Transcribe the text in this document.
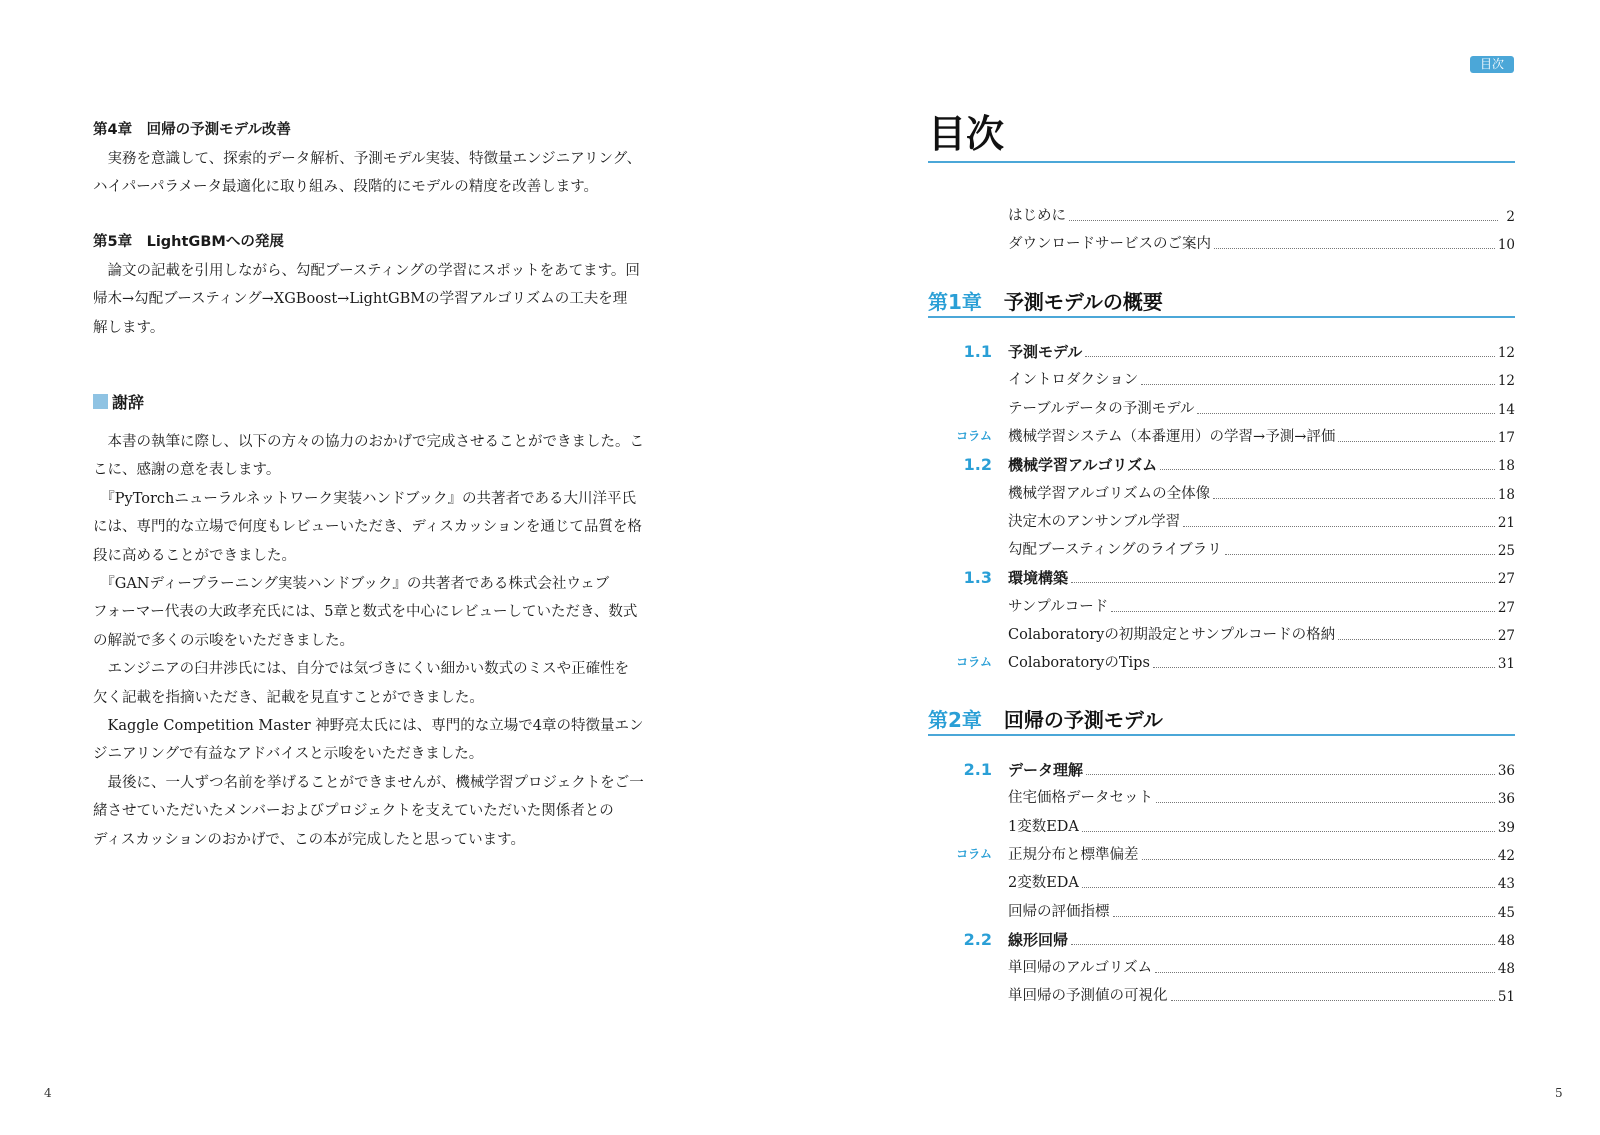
第4章　回帰の予測モデル改善

実務を意識して、探索的データ解析、予測モデル実装、特徴量エンジニアリング、

ハイパーパラメータ最適化に取り組み、段階的にモデルの精度を改善します。

第5章　LightGBMへの発展

論文の記載を引用しながら、勾配ブースティングの学習にスポットをあてます。回

帰木→勾配ブースティング→XGBoost→LightGBMの学習アルゴリズムの工夫を理

解します。

謝辞

本書の執筆に際し、以下の方々の協力のおかげで完成させることができました。こ

こに、感謝の意を表します。

『PyTorchニューラルネットワーク実装ハンドブック』の共著者である大川洋平氏

には、専門的な立場で何度もレビューいただき、ディスカッションを通じて品質を格

段に高めることができました。

『GANディープラーニング実装ハンドブック』の共著者である株式会社ウェブ

フォーマー代表の大政孝充氏には、5章と数式を中心にレビューしていただき、数式

の解説で多くの示唆をいただきました。

エンジニアの臼井渉氏には、自分では気づきにくい細かい数式のミスや正確性を

欠く記載を指摘いただき、記載を見直すことができました。

Kaggle Competition Master 神野亮太氏には、専門的な立場で4章の特徴量エン

ジニアリングで有益なアドバイスと示唆をいただきました。

最後に、一人ずつ名前を挙げることができませんが、機械学習プロジェクトをご一

緒させていただいたメンバーおよびプロジェクトを支えていただいた関係者との

ディスカッションのおかげで、この本が完成したと思っています。

4
目次
目次
はじめに	2
ダウンロードサービスのご案内	10
第1章 予測モデルの概要
1.1 予測モデル	12
イントロダクション	12
テーブルデータの予測モデル	14
コラム 機械学習システム（本番運用）の学習→予測→評価	17
1.2 機械学習アルゴリズム	18
機械学習アルゴリズムの全体像	18
決定木のアンサンブル学習	21
勾配ブースティングのライブラリ	25
1.3 環境構築	27
サンプルコード	27
Colaboratoryの初期設定とサンプルコードの格納	27
コラム ColaboratoryのTips	31
第2章 回帰の予測モデル
2.1 データ理解	36
住宅価格データセット	36
1変数EDA	39
コラム 正規分布と標準偏差	42
2変数EDA	43
回帰の評価指標	45
2.2 線形回帰	48
単回帰のアルゴリズム	48
単回帰の予測値の可視化	51
5
